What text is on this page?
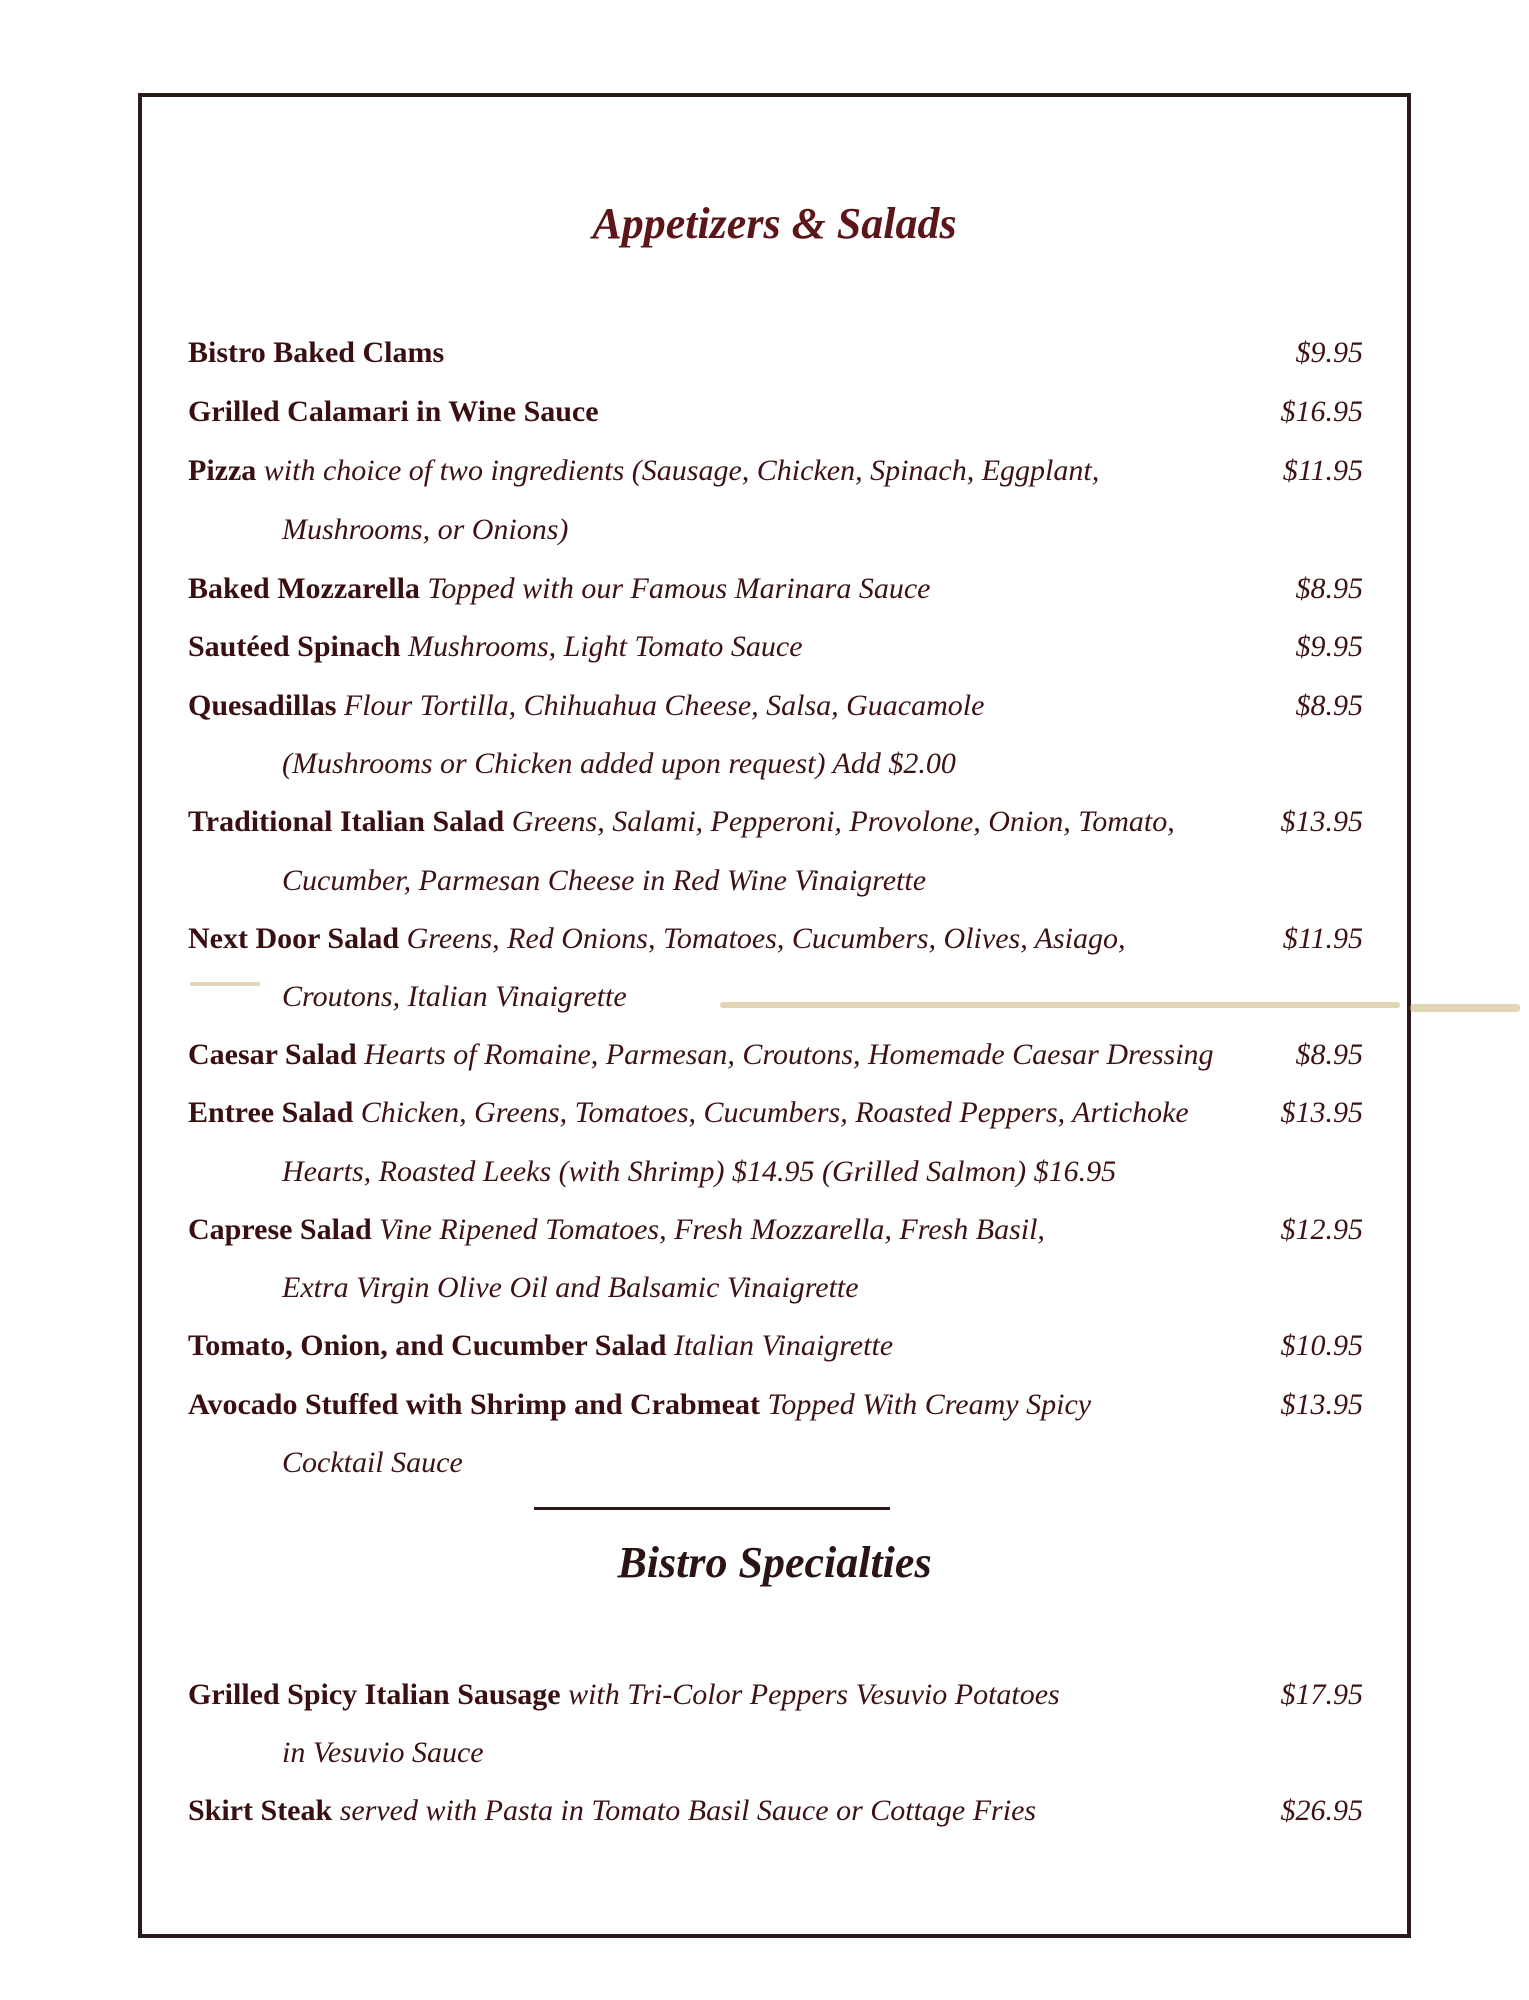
Appetizers & Salads
Bistro Baked Clams	$9.95
Grilled Calamari in Wine Sauce	$16.95
Pizza with choice of two ingredients (Sausage, Chicken, Spinach, Eggplant,	$11.95
Mushrooms, or Onions)
Baked Mozzarella Topped with our Famous Marinara Sauce	$8.95
Sautéed Spinach Mushrooms, Light Tomato Sauce	$9.95
Quesadillas Flour Tortilla, Chihuahua Cheese, Salsa, Guacamole	$8.95
(Mushrooms or Chicken added upon request) Add $2.00
Traditional Italian Salad Greens, Salami, Pepperoni, Provolone, Onion, Tomato,	$13.95
Cucumber, Parmesan Cheese in Red Wine Vinaigrette
Next Door Salad Greens, Red Onions, Tomatoes, Cucumbers, Olives, Asiago,	$11.95
Croutons, Italian Vinaigrette
Caesar Salad Hearts of Romaine, Parmesan, Croutons, Homemade Caesar Dressing	$8.95
Entree Salad Chicken, Greens, Tomatoes, Cucumbers, Roasted Peppers, Artichoke	$13.95
Hearts, Roasted Leeks (with Shrimp) $14.95 (Grilled Salmon) $16.95
Caprese Salad Vine Ripened Tomatoes, Fresh Mozzarella, Fresh Basil,	$12.95
Extra Virgin Olive Oil and Balsamic Vinaigrette
Tomato, Onion, and Cucumber Salad Italian Vinaigrette	$10.95
Avocado Stuffed with Shrimp and Crabmeat Topped With Creamy Spicy	$13.95
Cocktail Sauce
Bistro Specialties
Grilled Spicy Italian Sausage with Tri-Color Peppers Vesuvio Potatoes	$17.95
in Vesuvio Sauce
Skirt Steak served with Pasta in Tomato Basil Sauce or Cottage Fries	$26.95
